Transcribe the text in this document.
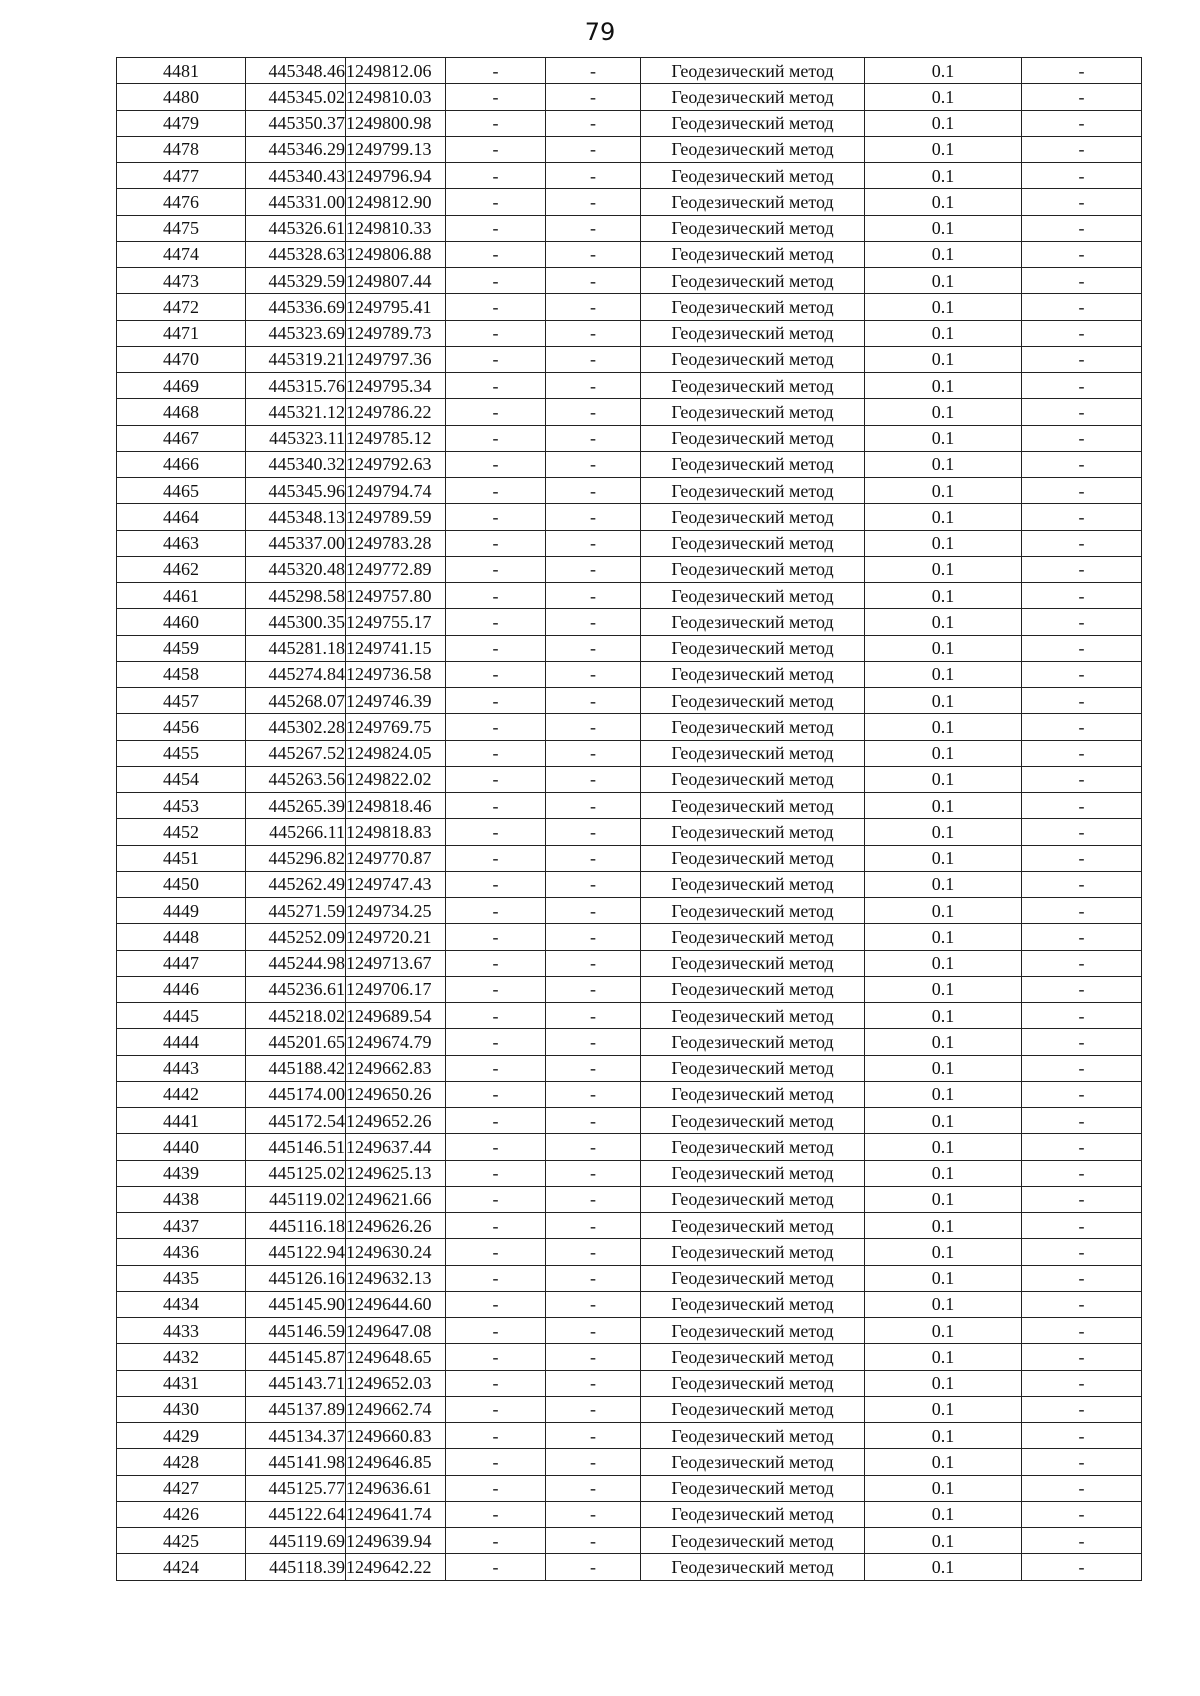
79
4481	445348.46	1249812.06	-	-	Геодезический метод	0.1	-
4480	445345.02	1249810.03	-	-	Геодезический метод	0.1	-
4479	445350.37	1249800.98	-	-	Геодезический метод	0.1	-
4478	445346.29	1249799.13	-	-	Геодезический метод	0.1	-
4477	445340.43	1249796.94	-	-	Геодезический метод	0.1	-
4476	445331.00	1249812.90	-	-	Геодезический метод	0.1	-
4475	445326.61	1249810.33	-	-	Геодезический метод	0.1	-
4474	445328.63	1249806.88	-	-	Геодезический метод	0.1	-
4473	445329.59	1249807.44	-	-	Геодезический метод	0.1	-
4472	445336.69	1249795.41	-	-	Геодезический метод	0.1	-
4471	445323.69	1249789.73	-	-	Геодезический метод	0.1	-
4470	445319.21	1249797.36	-	-	Геодезический метод	0.1	-
4469	445315.76	1249795.34	-	-	Геодезический метод	0.1	-
4468	445321.12	1249786.22	-	-	Геодезический метод	0.1	-
4467	445323.11	1249785.12	-	-	Геодезический метод	0.1	-
4466	445340.32	1249792.63	-	-	Геодезический метод	0.1	-
4465	445345.96	1249794.74	-	-	Геодезический метод	0.1	-
4464	445348.13	1249789.59	-	-	Геодезический метод	0.1	-
4463	445337.00	1249783.28	-	-	Геодезический метод	0.1	-
4462	445320.48	1249772.89	-	-	Геодезический метод	0.1	-
4461	445298.58	1249757.80	-	-	Геодезический метод	0.1	-
4460	445300.35	1249755.17	-	-	Геодезический метод	0.1	-
4459	445281.18	1249741.15	-	-	Геодезический метод	0.1	-
4458	445274.84	1249736.58	-	-	Геодезический метод	0.1	-
4457	445268.07	1249746.39	-	-	Геодезический метод	0.1	-
4456	445302.28	1249769.75	-	-	Геодезический метод	0.1	-
4455	445267.52	1249824.05	-	-	Геодезический метод	0.1	-
4454	445263.56	1249822.02	-	-	Геодезический метод	0.1	-
4453	445265.39	1249818.46	-	-	Геодезический метод	0.1	-
4452	445266.11	1249818.83	-	-	Геодезический метод	0.1	-
4451	445296.82	1249770.87	-	-	Геодезический метод	0.1	-
4450	445262.49	1249747.43	-	-	Геодезический метод	0.1	-
4449	445271.59	1249734.25	-	-	Геодезический метод	0.1	-
4448	445252.09	1249720.21	-	-	Геодезический метод	0.1	-
4447	445244.98	1249713.67	-	-	Геодезический метод	0.1	-
4446	445236.61	1249706.17	-	-	Геодезический метод	0.1	-
4445	445218.02	1249689.54	-	-	Геодезический метод	0.1	-
4444	445201.65	1249674.79	-	-	Геодезический метод	0.1	-
4443	445188.42	1249662.83	-	-	Геодезический метод	0.1	-
4442	445174.00	1249650.26	-	-	Геодезический метод	0.1	-
4441	445172.54	1249652.26	-	-	Геодезический метод	0.1	-
4440	445146.51	1249637.44	-	-	Геодезический метод	0.1	-
4439	445125.02	1249625.13	-	-	Геодезический метод	0.1	-
4438	445119.02	1249621.66	-	-	Геодезический метод	0.1	-
4437	445116.18	1249626.26	-	-	Геодезический метод	0.1	-
4436	445122.94	1249630.24	-	-	Геодезический метод	0.1	-
4435	445126.16	1249632.13	-	-	Геодезический метод	0.1	-
4434	445145.90	1249644.60	-	-	Геодезический метод	0.1	-
4433	445146.59	1249647.08	-	-	Геодезический метод	0.1	-
4432	445145.87	1249648.65	-	-	Геодезический метод	0.1	-
4431	445143.71	1249652.03	-	-	Геодезический метод	0.1	-
4430	445137.89	1249662.74	-	-	Геодезический метод	0.1	-
4429	445134.37	1249660.83	-	-	Геодезический метод	0.1	-
4428	445141.98	1249646.85	-	-	Геодезический метод	0.1	-
4427	445125.77	1249636.61	-	-	Геодезический метод	0.1	-
4426	445122.64	1249641.74	-	-	Геодезический метод	0.1	-
4425	445119.69	1249639.94	-	-	Геодезический метод	0.1	-
4424	445118.39	1249642.22	-	-	Геодезический метод	0.1	-
